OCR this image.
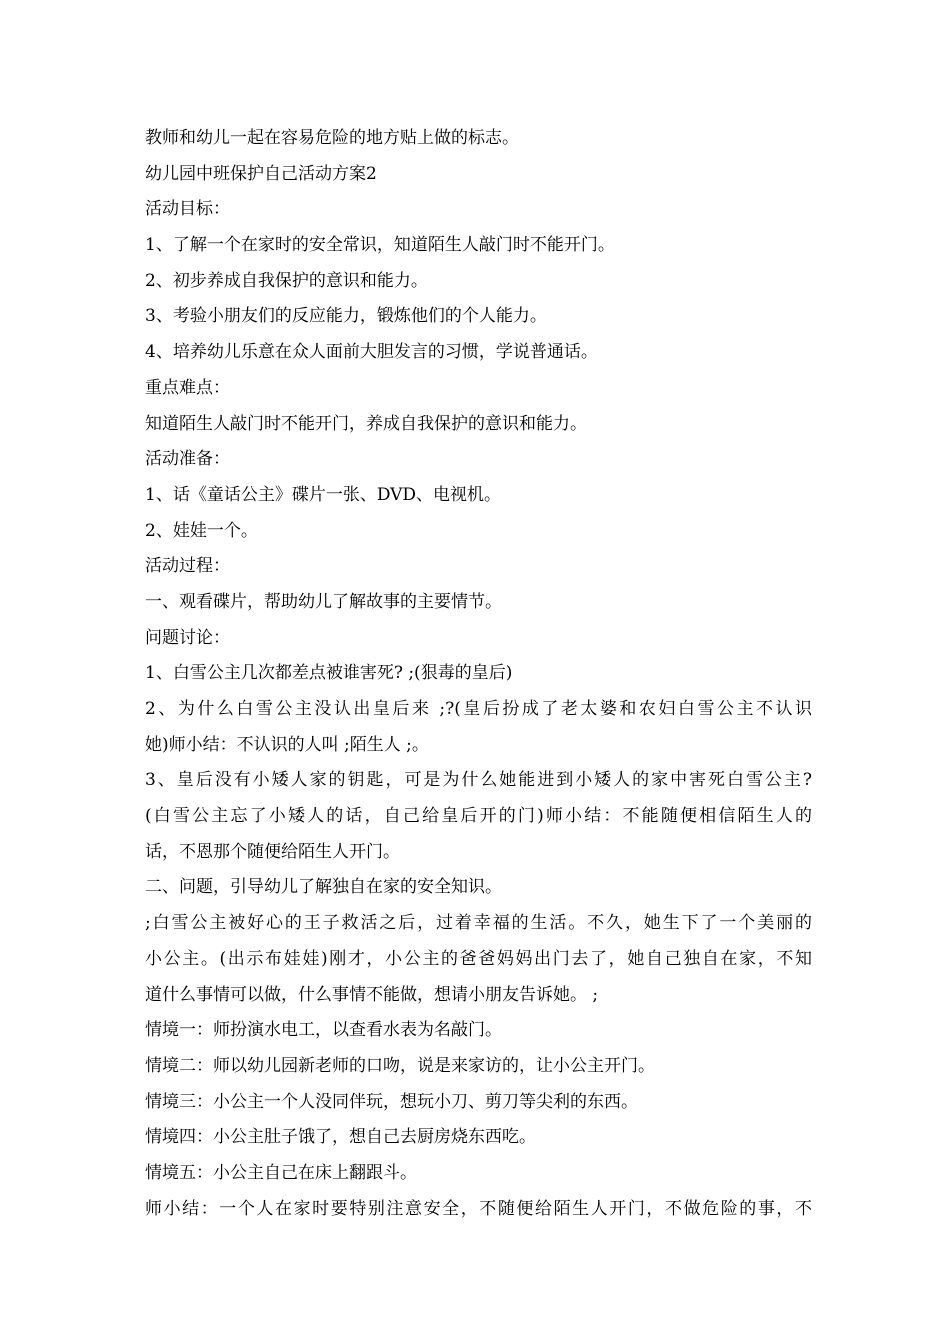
教师和幼儿一起在容易危险的地方贴上做的标志。
幼儿园中班保护自己活动方案2
活动目标：
1、了解一个在家时的安全常识，知道陌生人敲门时不能开门。
2、初步养成自我保护的意识和能力。
3、考验小朋友们的反应能力，锻炼他们的个人能力。
4、培养幼儿乐意在众人面前大胆发言的习惯，学说普通话。
重点难点：
知道陌生人敲门时不能开门，养成自我保护的意识和能力。
活动准备：
1、话《童话公主》碟片一张、DVD、电视机。
2、娃娃一个。
活动过程：
一、观看碟片，帮助幼儿了解故事的主要情节。
问题讨论：
1、白雪公主几次都差点被谁害死? ;(狠毒的皇后)
2、为什么白雪公主没认出皇后来 ;?(皇后扮成了老太婆和农妇白雪公主不认识
她)师小结：不认识的人叫 ;陌生人 ;。
3、皇后没有小矮人家的钥匙，可是为什么她能进到小矮人的家中害死白雪公主?
(白雪公主忘了小矮人的话，自己给皇后开的门)师小结：不能随便相信陌生人的
话，不恩那个随便给陌生人开门。
二、问题，引导幼儿了解独自在家的安全知识。
;白雪公主被好心的王子救活之后，过着幸福的生活。不久，她生下了一个美丽的
小公主。(出示布娃娃)刚才，小公主的爸爸妈妈出门去了，她自己独自在家，不知
道什么事情可以做，什么事情不能做，想请小朋友告诉她。 ;
情境一：师扮演水电工，以查看水表为名敲门。
情境二：师以幼儿园新老师的口吻，说是来家访的，让小公主开门。
情境三：小公主一个人没同伴玩，想玩小刀、剪刀等尖利的东西。
情境四：小公主肚子饿了，想自己去厨房烧东西吃。
情境五：小公主自己在床上翻跟斗。
师小结：一个人在家时要特别注意安全，不随便给陌生人开门，不做危险的事，不
